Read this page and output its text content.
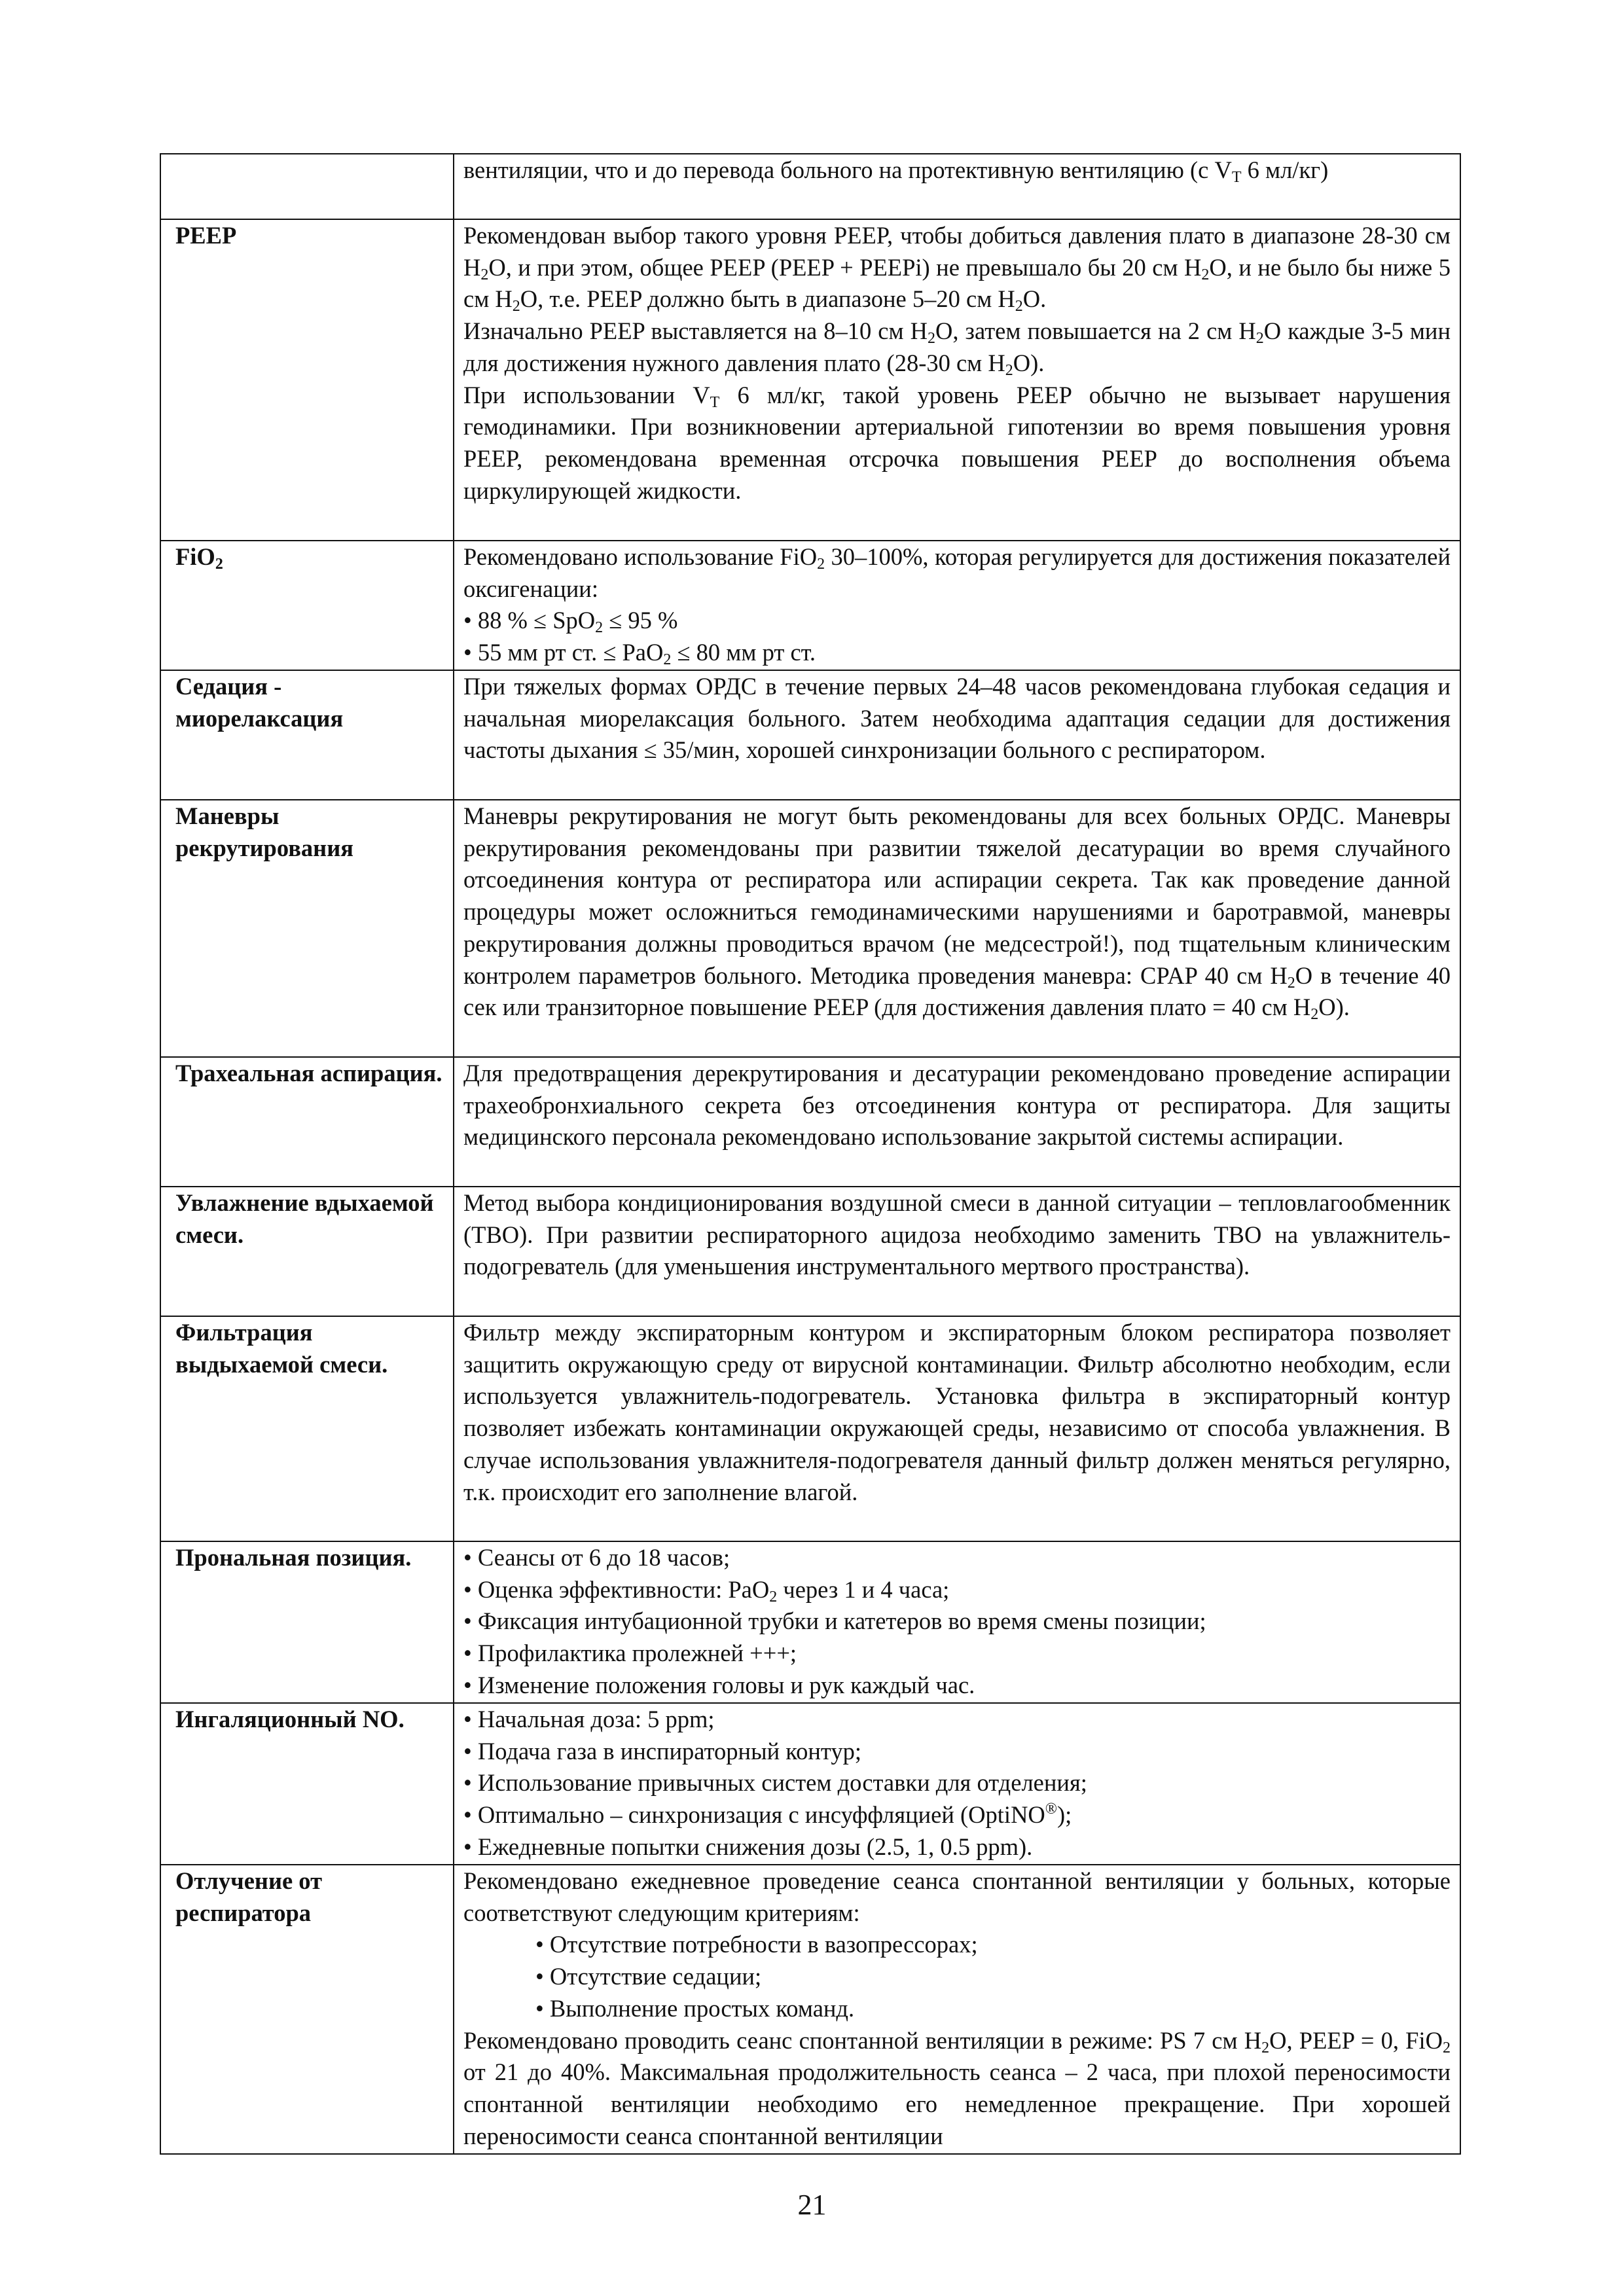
	вентиляции, что и до перевода больного на протективную вентиляцию (с $V_T$ 6 мл/кг)
PEEP	Рекомендован выбор такого уровня PEEP, чтобы добиться давления плато в диапазоне 28-30 см $H_2O$, и при этом, общее PEEP (PEEP + PEEPi) не превышало бы 20 см $H_2O$, и не было бы ниже 5 см $H_2O$, т.е. PEEP должно быть в диапазоне 5–20 см $H_2O$.

Изначально PEEP выставляется на 8–10 см $H_2O$, затем повышается на 2 см $H_2O$ каждые 3-5 мин для достижения нужного давления плато (28-30 см $H_2O$).

При использовании $V_T$ 6 мл/кг, такой уровень PEEP обычно не вызывает нарушения гемодинамики. При возникновении артериальной гипотензии во время повышения уровня PEEP, рекомендована временная отсрочка повышения PEEP до восполнения объема циркулирующей жидкости.

FiO$_2$	Рекомендовано использование FiO$_2$ 30–100%, которая регулируется для достижения показателей оксигенации:

• 88 % ≤ SpO$_2$ ≤ 95 %

• 55 мм рт ст. ≤ PaO$_2$ ≤ 80 мм рт ст.

Седация - миорелаксация	При тяжелых формах ОРДС в течение первых 24–48 часов рекомендована глубокая седация и начальная миорелаксация больного. Затем необходима адаптация седации для достижения частоты дыхания ≤ 35/мин, хорошей синхронизации больного с респиратором.
Маневры рекрутирования	Маневры рекрутирования не могут быть рекомендованы для всех больных ОРДС. Маневры рекрутирования рекомендованы при развитии тяжелой десатурации во время случайного отсоединения контура от респиратора или аспирации секрета. Так как проведение данной процедуры может осложниться гемодинамическими нарушениями и баротравмой, маневры рекрутирования должны проводиться врачом (не медсестрой!), под тщательным клиническим контролем параметров больного. Методика проведения маневра: CPAP 40 см $H_2O$ в течение 40 сек или транзиторное повышение PEEP (для достижения давления плато = 40 см $H_2O$).
Трахеальная аспирация.	Для предотвращения дерекрутирования и десатурации рекомендовано проведение аспирации трахеобронхиального секрета без отсоединения контура от респиратора. Для защиты медицинского персонала рекомендовано использование закрытой системы аспирации.
Увлажнение вдыхаемой смеси.	Метод выбора кондиционирования воздушной смеси в данной ситуации – тепловлагообменник (ТВО). При развитии респираторного ацидоза необходимо заменить ТВО на увлажнитель-подогреватель (для уменьшения инструментального мертвого пространства).
Фильтрация выдыхаемой смеси.	Фильтр между экспираторным контуром и экспираторным блоком респиратора позволяет защитить окружающую среду от вирусной контаминации. Фильтр абсолютно необходим, если используется увлажнитель-подогреватель. Установка фильтра в экспираторный контур позволяет избежать контаминации окружающей среды, независимо от способа увлажнения. В случае использования увлажнителя-подогревателя данный фильтр должен меняться регулярно, т.к. происходит его заполнение влагой.
Прональная позиция.	• Сеансы от 6 до 18 часов;

• Оценка эффективности: PaO$_2$ через 1 и 4 часа;

• Фиксация интубационной трубки и катетеров во время смены позиции;

• Профилактика пролежней +++;

• Изменение положения головы и рук каждый час.

Ингаляционный NO.	• Начальная доза: 5 ppm;

• Подача газа в инспираторный контур;

• Использование привычных систем доставки для отделения;

• Оптимально – синхронизация с инсуффляцией (OptiNO®);

• Ежедневные попытки снижения дозы (2.5, 1, 0.5 ppm).

Отлучение от респиратора	Рекомендовано ежедневное проведение сеанса спонтанной вентиляции у больных, которые соответствуют следующим критериям:

• Отсутствие потребности в вазопрессорах;

• Отсутствие седации;

• Выполнение простых команд.

Рекомендовано проводить сеанс спонтанной вентиляции в режиме: PS 7 см $H_2O$, PEEP = 0, FiO$_2$ от 21 до 40%. Максимальная продолжительность сеанса – 2 часа, при плохой переносимости спонтанной вентиляции необходимо его немедленное прекращение. При хорошей переносимости сеанса спонтанной вентиляции

21
